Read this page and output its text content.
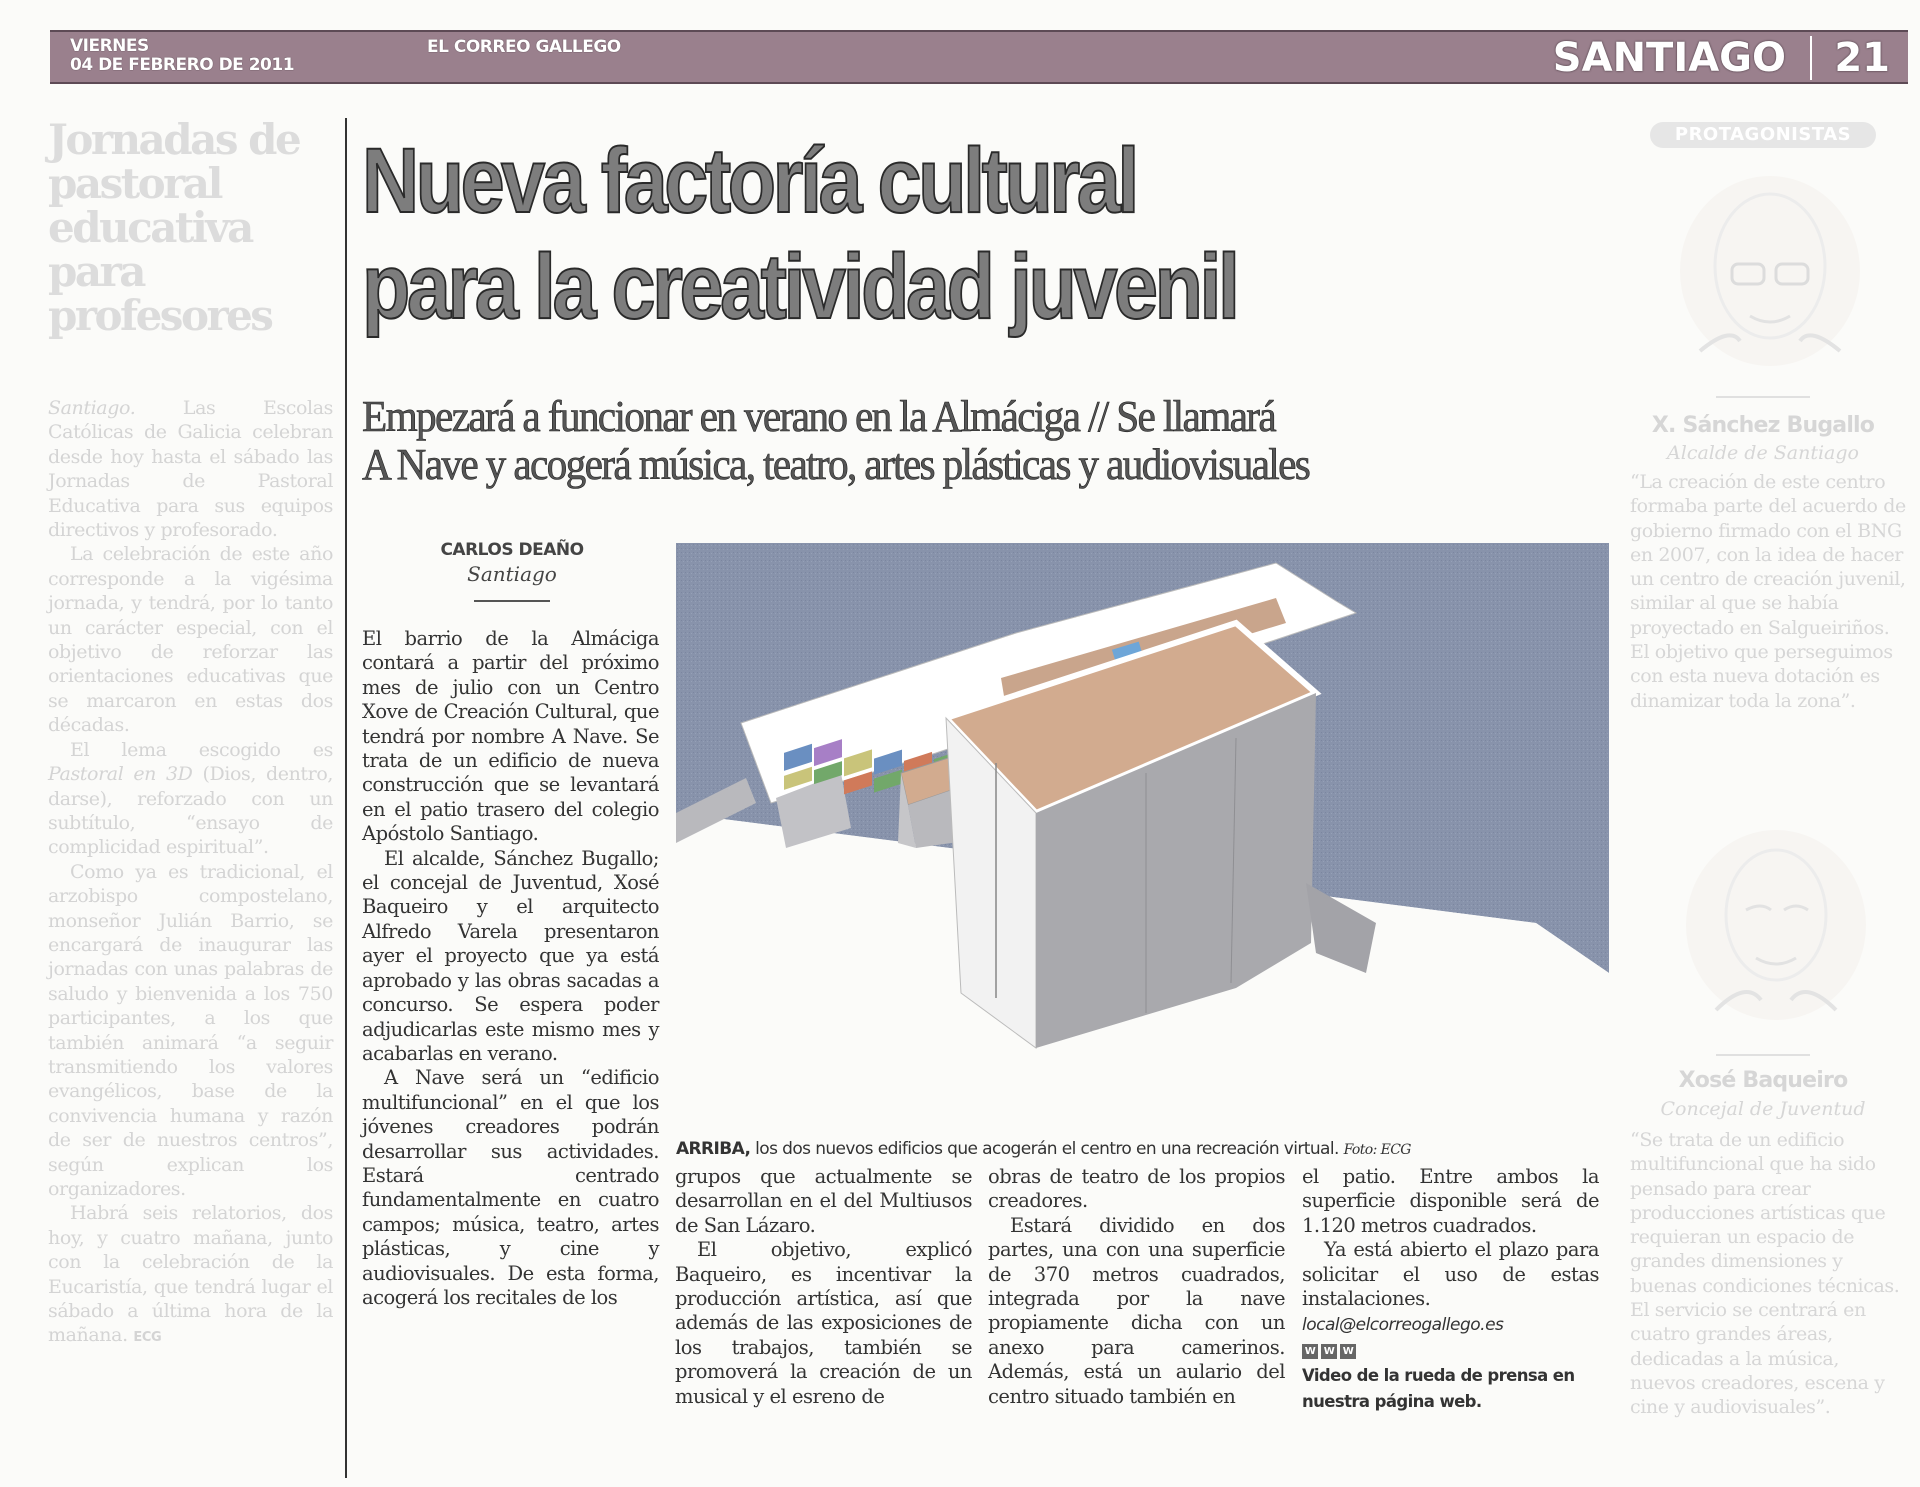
VIERNES
04 DE FEBRERO DE 2011
EL CORREO GALLEGO	SANTIAGO 21
Jornadas de pastoral educativa para profesores

Santiago.	Las Escolas Católicas de Galicia celebran desde hoy hasta el sábado las Jornadas de Pastoral Educativa para sus equipos directivos y profesorado.

La celebración de este año corresponde a la vigésima jornada, y tendrá, por lo tanto un carácter especial, con el objetivo de reforzar las orientaciones educativas que se marcaron en estas dos décadas.

El lema escogido es Pastoral en 3D (Dios, dentro, darse), reforzado con un subtítulo, “ensayo de complicidad espiritual”.

Como ya es tradicional, el arzobispo compostelano, monseñor Julián Barrio, se encargará de inaugurar las jornadas con unas palabras de saludo y bienvenida a los 750 participantes, a los que también animará “a seguir transmitiendo los valores evangélicos, base de la convivencia humana y razón de ser de nuestros centros”, según explican los organizadores.

Habrá seis relatorios, dos hoy, y cuatro mañana, junto con la celebración de la Eucaristía, que tendrá lugar el sábado a última hora de la mañana. ECG

Nueva factoría cultural
para la creatividad juvenil
Empezará a funcionar en verano en la Almáciga // Se llamará
A Nave y acogerá música, teatro, artes plásticas y audiovisuales
CARLOS DEAÑO
Santiago

El barrio de la Almáciga contará a partir del próximo mes de julio con un Centro Xove de Creación Cultural, que tendrá por nombre A Nave. Se trata de un edificio de nueva construcción que se levantará en el patio trasero del colegio Apóstolo Santiago.

El alcalde, Sánchez Bugallo; el concejal de Juventud, Xosé Baqueiro y el arquitecto Alfredo Varela presentaron ayer el proyecto que ya está aprobado y las obras sacadas a concurso. Se espera poder adjudicarlas este mismo mes y acabarlas en verano.

A Nave será un “edificio multifuncional” en el que los jóvenes creadores podrán desarrollar sus actividades. Estará centrado fundamentalmente en cuatro campos; música, teatro, artes plásticas, y cine y audiovisuales. De esta forma, acogerá los recitales de los

ARRIBA, los dos nuevos edificios que acogerán el centro en una recreación virtual. Foto: ECG

grupos que actualmente se desarrollan en el del Multiusos de San Lázaro.

El objetivo, explicó Baqueiro, es incentivar la producción artística, así que además de las exposiciones de los trabajos, también se promoverá la creación de un musical y el esreno de

obras de teatro de los propios creadores.

Estará dividido en dos partes, una con una superficie de 370 metros cuadrados, integrada por la nave propiamente dicha con un anexo para camerinos. Además, está un aulario del centro situado también en

el patio. Entre ambos la superficie disponible será de 1.120 metros cuadrados.

Ya está abierto el plazo para solicitar el uso de estas instalaciones.

local@elcorreogallego.es
W W W
Video de la rueda de prensa en nuestra página web.
PROTAGONISTAS
X. Sánchez Bugallo
Alcalde de Santiago
“La creación de este centro formaba parte del acuerdo de gobierno firmado con el BNG en 2007, con la idea de hacer un centro de creación juvenil, similar al que se había proyectado en Salgueiriños. El objetivo que perseguimos con esta nueva dotación es dinamizar toda la zona”.
Xosé Baqueiro
Concejal de Juventud
“Se trata de un edificio multifuncional que ha sido pensado para crear producciones artísticas que requieran un espacio de grandes dimensiones y buenas condiciones técnicas. El servicio se centrará en cuatro grandes áreas, dedicadas a la música, nuevos creadores, escena y cine y audiovisuales”.
